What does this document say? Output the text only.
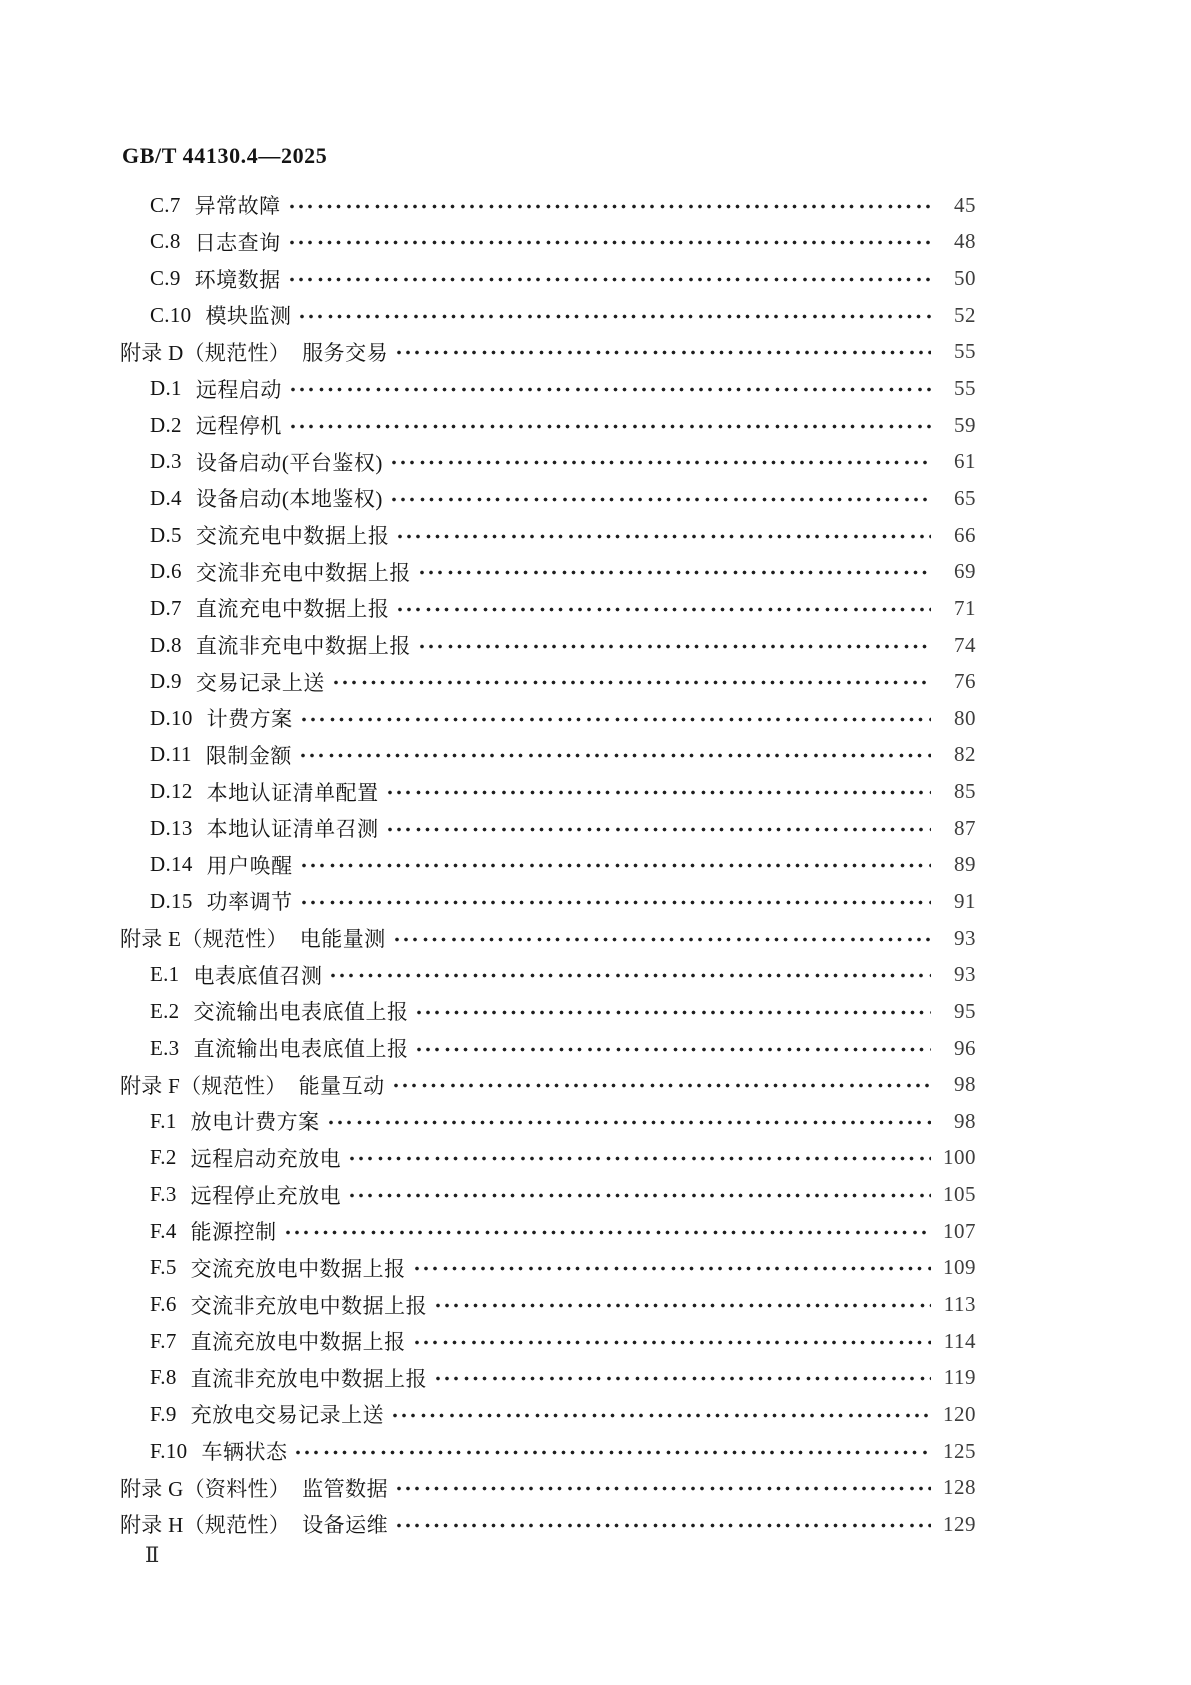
GB/T 44130.4—2025
C.7 异常故障	45
C.8 日志查询	48
C.9 环境数据	50
C.10 模块监测	52
附录 D（规范性） 服务交易	55
D.1 远程启动	55
D.2 远程停机	59
D.3 设备启动(平台鉴权)	61
D.4 设备启动(本地鉴权)	65
D.5 交流充电中数据上报	66
D.6 交流非充电中数据上报	69
D.7 直流充电中数据上报	71
D.8 直流非充电中数据上报	74
D.9 交易记录上送	76
D.10 计费方案	80
D.11 限制金额	82
D.12 本地认证清单配置	85
D.13 本地认证清单召测	87
D.14 用户唤醒	89
D.15 功率调节	91
附录 E（规范性） 电能量测	93
E.1 电表底值召测	93
E.2 交流输出电表底值上报	95
E.3 直流输出电表底值上报	96
附录 F（规范性） 能量互动	98
F.1 放电计费方案	98
F.2 远程启动充放电	100
F.3 远程停止充放电	105
F.4 能源控制	107
F.5 交流充放电中数据上报	109
F.6 交流非充放电中数据上报	113
F.7 直流充放电中数据上报	114
F.8 直流非充放电中数据上报	119
F.9 充放电交易记录上送	120
F.10 车辆状态	125
附录 G（资料性） 监管数据	128
附录 H（规范性） 设备运维	129
Ⅱ
